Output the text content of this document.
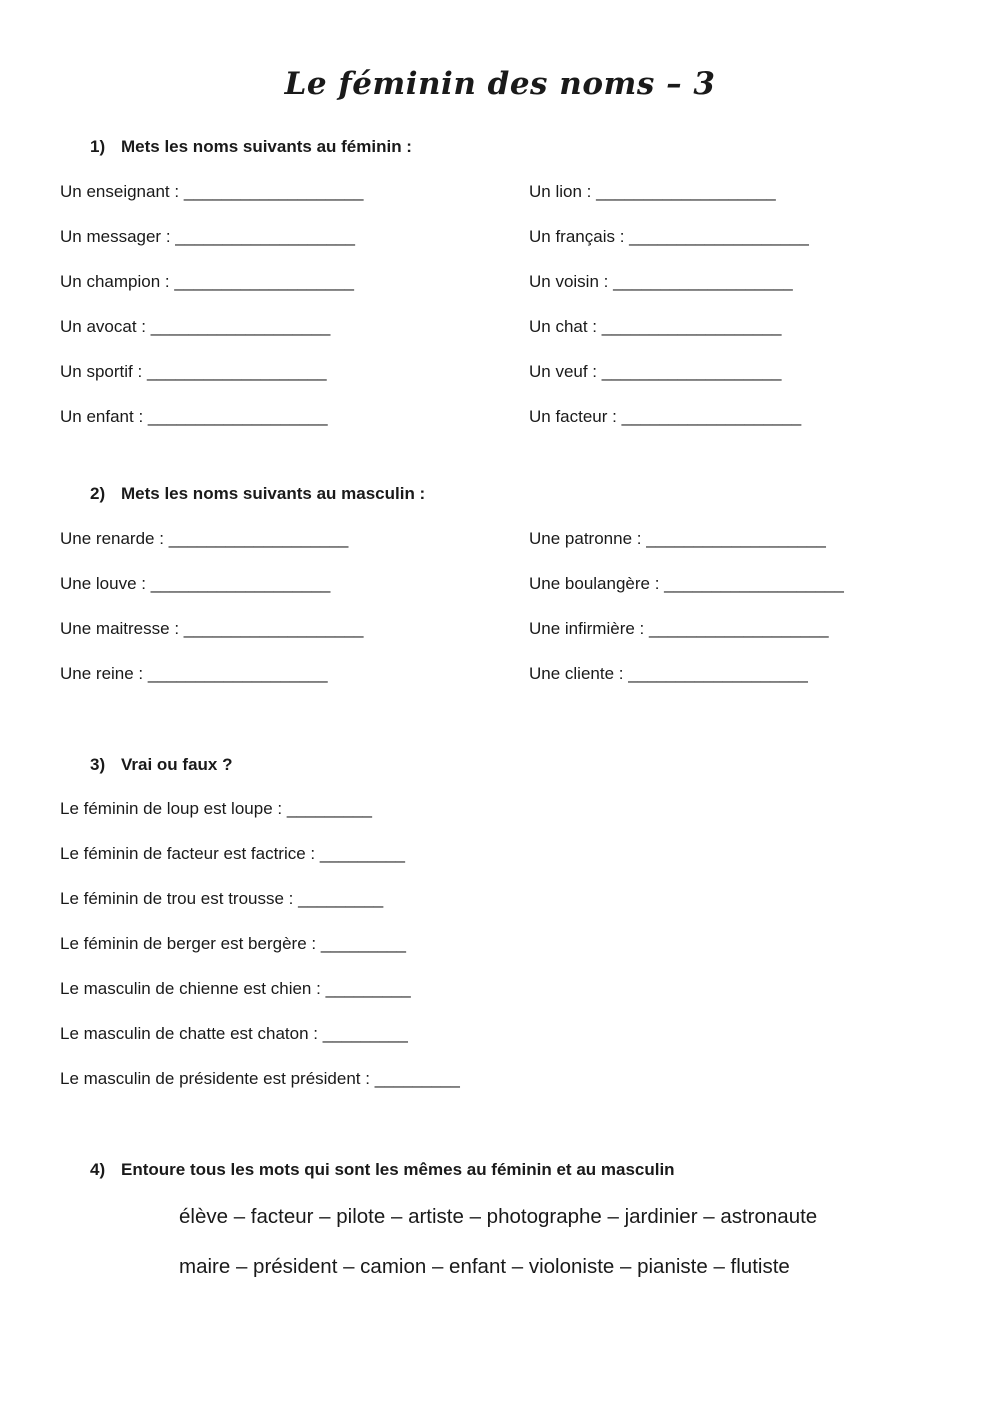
Le féminin des noms – 3
1) Mets les noms suivants au féminin :
Un enseignant : ___________________
Un messager : ___________________
Un champion : ___________________
Un avocat : ___________________
Un sportif : ___________________
Un enfant : ___________________
Un lion : ___________________
Un français : ___________________
Un voisin : ___________________
Un chat : ___________________
Un veuf : ___________________
Un facteur : ___________________
2) Mets les noms suivants au masculin :
Une renarde : ___________________
Une louve : ___________________
Une maitresse : ___________________
Une reine : ___________________
Une patronne : ___________________
Une boulangère : ___________________
Une infirmière : ___________________
Une cliente : ___________________
3) Vrai ou faux ?
Le féminin de loup est loupe : _________
Le féminin de facteur est factrice : _________
Le féminin de trou est trousse : _________
Le féminin de berger est bergère : _________
Le masculin de chienne est chien : _________
Le masculin de chatte est chaton : _________
Le masculin de présidente est président : _________
4) Entoure tous les mots qui sont les mêmes au féminin et au masculin
élève – facteur – pilote – artiste – photographe – jardinier – astronaute
maire – président – camion – enfant – violoniste – pianiste – flutiste
